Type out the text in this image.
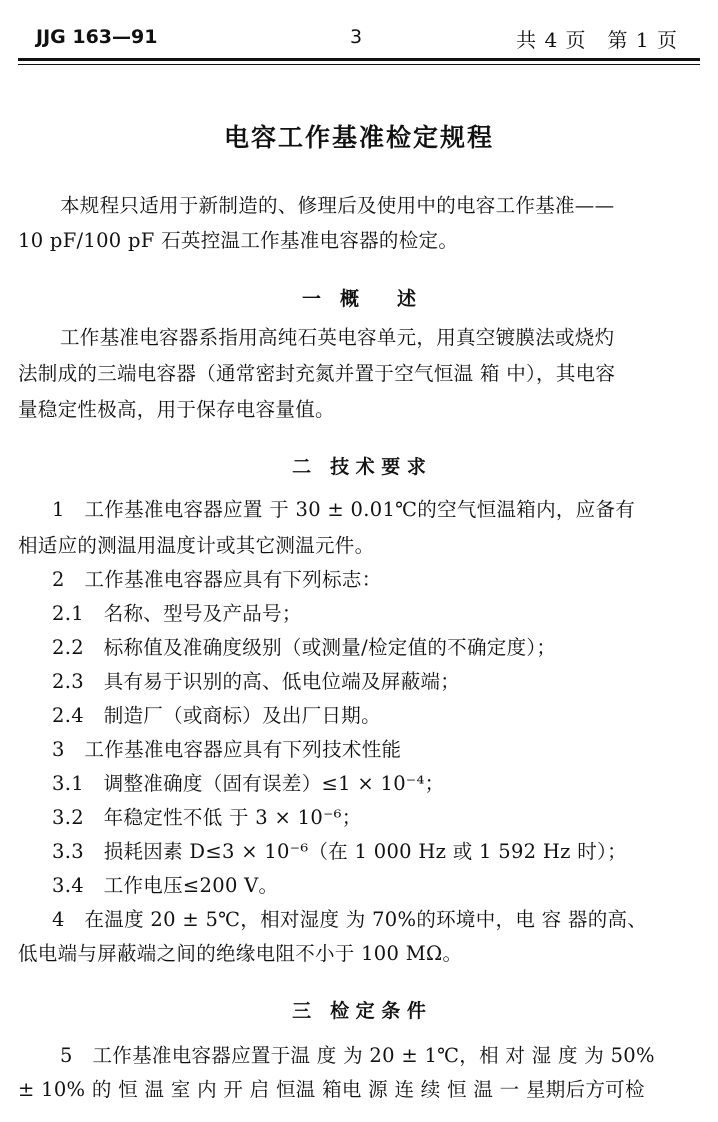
JJG 163—91	3	共 4 页　第 1 页
电容工作基准检定规程
本规程只适用于新制造的、修理后及使用中的电容工作基准——
10 pF/100 pF 石英控温工作基准电容器的检定。
一　概　　述
工作基准电容器系指用高纯石英电容单元，用真空镀膜法或烧灼
法制成的三端电容器（通常密封充氮并置于空气恒温 箱 中），其电容
量稳定性极高，用于保存电容量值。
二　技 术 要 求
1　工作基准电容器应置 于 30 ± 0.01℃的空气恒温箱内，应备有
相适应的测温用温度计或其它测温元件。
2　工作基准电容器应具有下列标志：
2.1　名称、型号及产品号；
2.2　标称值及准确度级别（或测量/检定值的不确定度）；
2.3　具有易于识别的高、低电位端及屏蔽端；
2.4　制造厂（或商标）及出厂日期。
3　工作基准电容器应具有下列技术性能
3.1　调整准确度（固有误差）≤1 × 10⁻⁴；
3.2　年稳定性不低 于 3 × 10⁻⁶；
3.3　损耗因素 D≤3 × 10⁻⁶（在 1 000 Hz 或 1 592 Hz 时）；
3.4　工作电压≤200 V。
4　在温度 20 ± 5℃，相对湿度 为 70%的环境中，电 容 器的高、
低电端与屏蔽端之间的绝缘电阻不小于 100 MΩ。
三　检 定 条 件
5　工作基准电容器应置于温 度 为 20 ± 1℃，相 对 湿 度 为 50%
± 10% 的 恒 温 室 内 开 启 恒温 箱电 源 连 续 恒 温 一 星期后方可检
